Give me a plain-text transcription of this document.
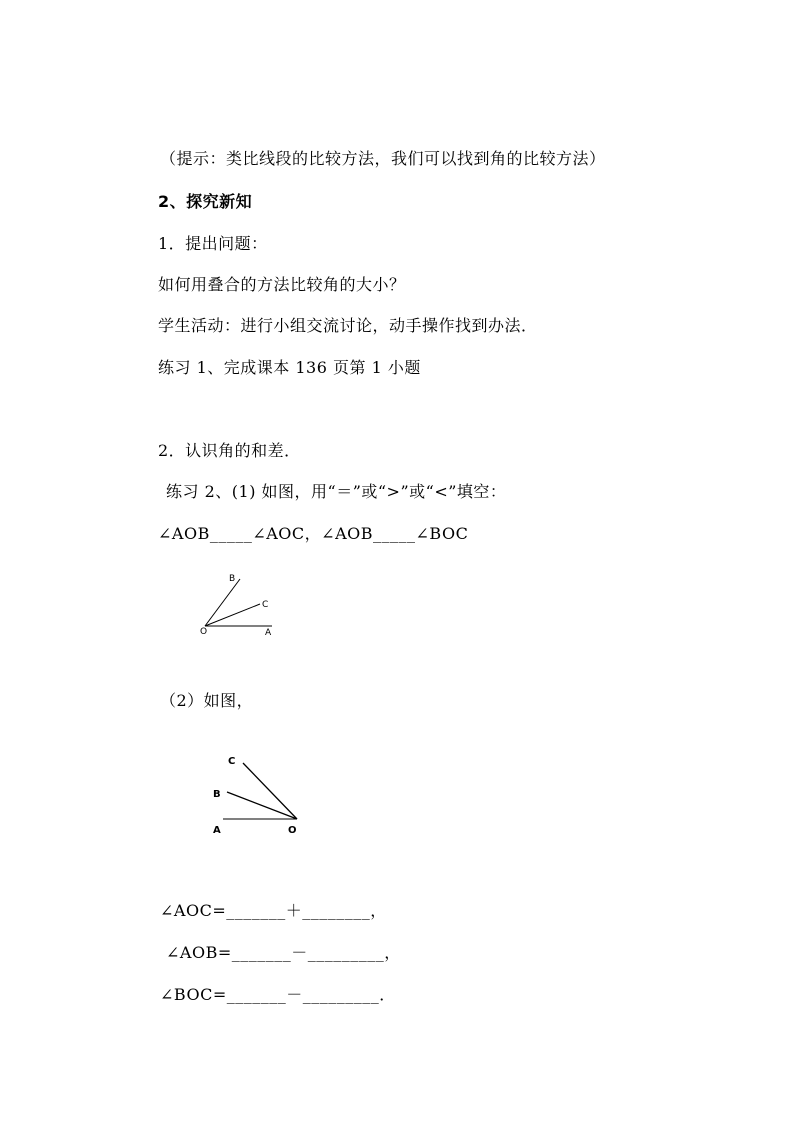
（提示：类比线段的比较方法，我们可以找到角的比较方法）
2、探究新知
1．提出问题：
如何用叠合的方法比较角的大小？
学生活动：进行小组交流讨论，动手操作找到办法．
练习 1、完成课本 136 页第 1 小题
2．认识角的和差．
练习 2、(1) 如图，用“＝”或“>”或“<”填空：
∠AOB_____∠AOC，∠AOB_____∠BOC
O	A
B
C
（2）如图，
C
B
A	O
∠AOC=_______＋________，
∠AOB=_______－_________，
∠BOC=_______－_________．
